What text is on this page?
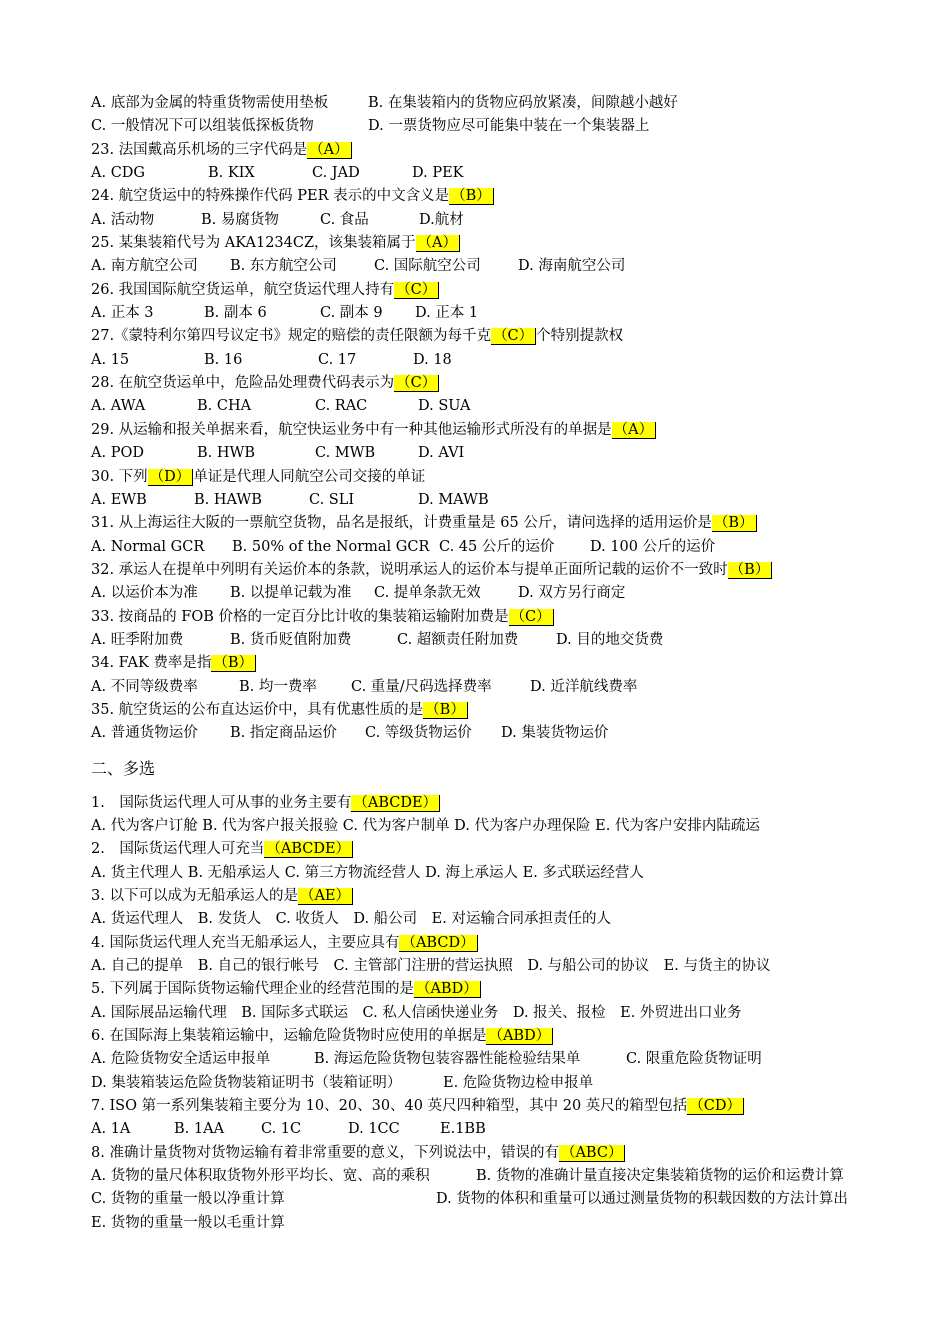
A. 底部为金属的特重货物需使用垫板	B. 在集装箱内的货物应码放紧凑，间隙越小越好
C. 一般情况下可以组装低探板货物	D. 一票货物应尽可能集中装在一个集装器上
23. 法国戴高乐机场的三字代码是 （A）
A. CDG	B. KIX	C. JAD	D. PEK
24. 航空货运中的特殊操作代码 PER 表示的中文含义是 （B）
A. 活动物	B. 易腐货物	C. 食品	D.航材
25. 某集装箱代号为 AKA1234CZ，该集装箱属于 （A）
A. 南方航空公司 B. 东方航空公司	C. 国际航空公司	D. 海南航空公司
26. 我国国际航空货运单，航空货运代理人持有 （C）
A. 正本 3	B. 副本 6	C. 副本 9 D. 正本 1
27.《蒙特利尔第四号议定书》规定的赔偿的责任限额为每千克 （C） 个特别提款权
A. 15	B. 16	C. 17	D. 18
28. 在航空货运单中，危险品处理费代码表示为 （C）
A. AWA	B. CHA	C. RAC	D. SUA
29. 从运输和报关单据来看，航空快运业务中有一种其他运输形式所没有的单据是 （A）
A. POD	B. HWB	C. MWB	D. AVI
30. 下列 （D） 单证是代理人同航空公司交接的单证
A. EWB	B. HAWB	C. SLI	D. MAWB
31. 从上海运往大阪的一票航空货物，品名是报纸，计费重量是 65 公斤，请问选择的适用运价是 （B）
A. Normal GCR B. 50% of the Normal GCR C. 45 公斤的运价 D. 100 公斤的运价
32. 承运人在提单中列明有关运价本的条款，说明承运人的运价本与提单正面所记载的运价不一致时 （B）
A. 以运价本为准 B. 以提单记载为准 C. 提单条款无效	D. 双方另行商定
33. 按商品的 FOB 价格的一定百分比计收的集装箱运输附加费是 （C）
A. 旺季附加费	B. 货币贬值附加费	C. 超额责任附加费	D. 目的地交货费
34. FAK 费率是指 （B）
A. 不同等级费率	B. 均一费率 C. 重量/尺码选择费率	D. 近洋航线费率
35. 航空货运的公布直达运价中，具有优惠性质的是 （B）
A. 普通货物运价 B. 指定商品运价 C. 等级货物运价 D. 集装货物运价
二、多选
1.　国际货运代理人可从事的业务主要有 （ABCDE）
A. 代为客户订舱 B. 代为客户报关报验 C. 代为客户制单 D. 代为客户办理保险 E. 代为客户安排内陆疏运
2.　国际货运代理人可充当 （ABCDE）
A. 货主代理人 B. 无船承运人 C. 第三方物流经营人 D. 海上承运人 E. 多式联运经营人
3. 以下可以成为无船承运人的是 （AE）
A. 货运代理人　B. 发货人　C. 收货人　D. 船公司　E. 对运输合同承担责任的人
4. 国际货运代理人充当无船承运人，主要应具有 （ABCD）
A. 自己的提单　B. 自己的银行帐号　C. 主管部门注册的营运执照　D. 与船公司的协议　E. 与货主的协议
5. 下列属于国际货物运输代理企业的经营范围的是 （ABD）
A. 国际展品运输代理　B. 国际多式联运　C. 私人信函快递业务　D. 报关、报检　E. 外贸进出口业务
6. 在国际海上集装箱运输中，运输危险货物时应使用的单据是 （ABD）
A. 危险货物安全适运申报单	B. 海运危险货物包装容器性能检验结果单	C. 限重危险货物证明
D. 集装箱装运危险货物装箱证明书（装箱证明）	E. 危险货物边检申报单
7. ISO 第一系列集装箱主要分为 10、20、30、40 英尺四种箱型，其中 20 英尺的箱型包括 （CD）
A. 1A	B. 1AA	C. 1C	D. 1CC	E.1BB
8. 准确计量货物对货物运输有着非常重要的意义，下列说法中，错误的有 （ABC）
A. 货物的量尺体积取货物外形平均长、宽、高的乘积	B. 货物的准确计量直接决定集装箱货物的运价和运费计算
C. 货物的重量一般以净重计算	D. 货物的体积和重量可以通过测量货物的积载因数的方法计算出
E. 货物的重量一般以毛重计算
